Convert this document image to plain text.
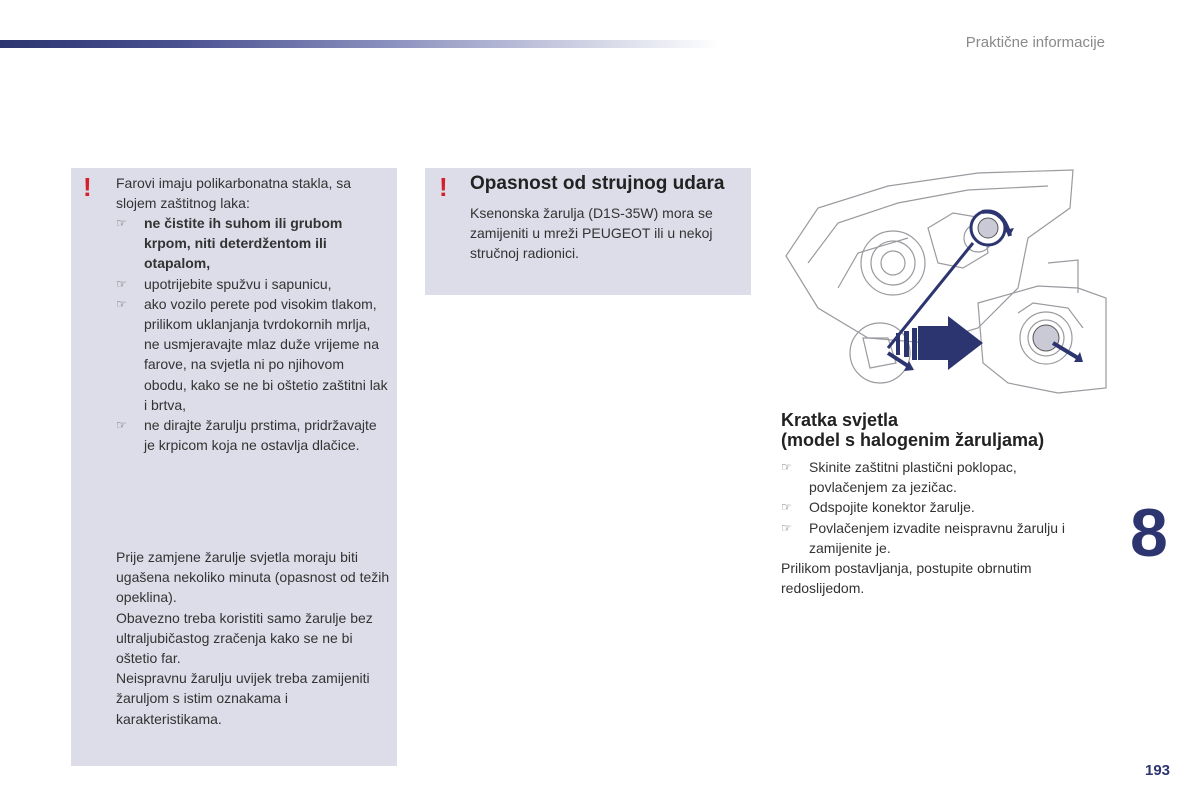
Praktične informacije
! Farovi imaju polikarbonatna stakla, sa slojem zaštitnog laka:
☞ ne čistite ih suhom ili grubom krpom, niti deterdžentom ili otapalom,
☞ upotrijebite spužvu i sapunicu,
☞ ako vozilo perete pod visokim tlakom, prilikom uklanjanja tvrdokornih mrlja, ne usmjeravajte mlaz duže vrijeme na farove, na svjetla ni po njihovom obodu, kako se ne bi oštetio zaštitni lak i brtva,
☞ ne dirajte žarulju prstima, pridržavajte je krpicom koja ne ostavlja dlačice.
Prije zamjene žarulje svjetla moraju biti ugašena nekoliko minuta (opasnost od težih opeklina).
Obavezno treba koristiti samo žarulje bez ultraljubičastog zračenja kako se ne bi oštetio far.
Neispravnu žarulju uvijek treba zamijeniti žaruljom s istim oznakama i karakteristikama.
! Opasnost od strujnog udara
Ksenonska žarulja (D1S-35W) mora se zamijeniti u mreži PEUGEOT ili u nekoj stručnoj radionici.
Kratka svjetla
(model s halogenim žaruljama)
☞ Skinite zaštitni plastični poklopac, povlačenjem za jezičac.
☞ Odspojite konektor žarulje.
☞ Povlačenjem izvadite neispravnu žarulju i zamijenite je.
Prilikom postavljanja, postupite obrnutim redoslijedom.
8
193
